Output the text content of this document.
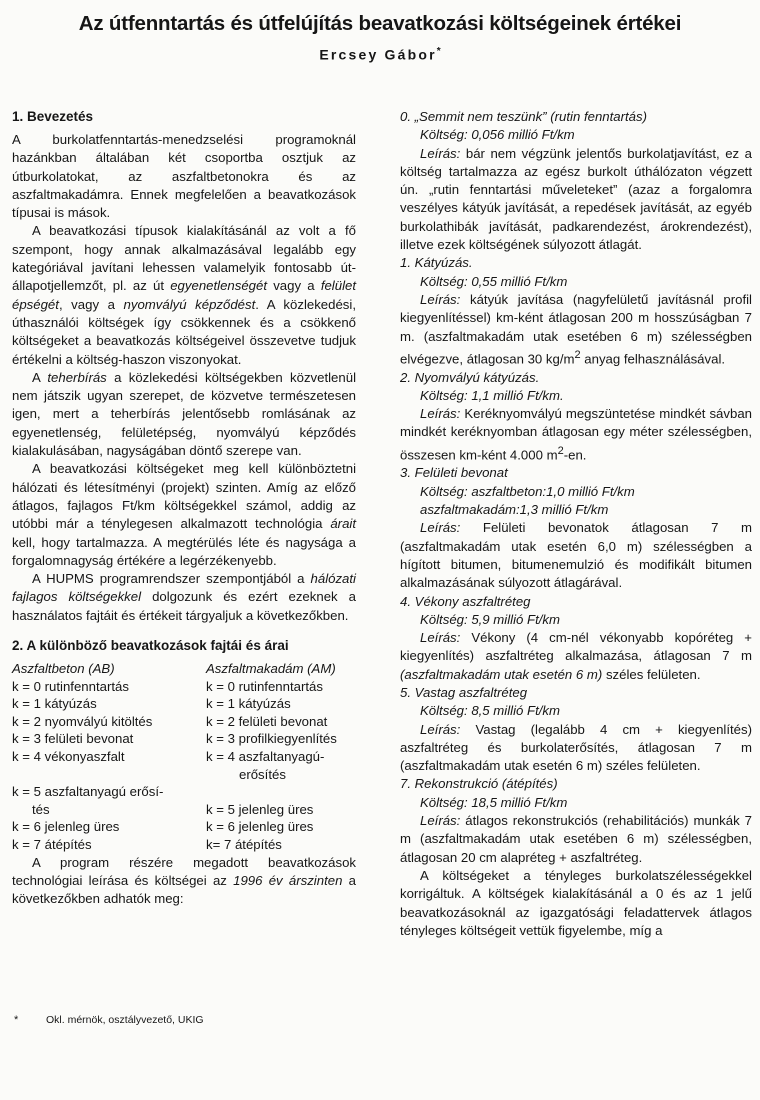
Az útfenntartás és útfelújítás beavatkozási költségeinek értékei
Ercsey Gábor*
1. Bevezetés

A burkolatfenntartás-menedzselési programoknál hazánkban általában két csoportba osztjuk az útburkolatokat, az aszfaltbetonokra és az aszfaltmakadámra. Ennek megfelelően a beavatkozások típusai is mások.

A beavatkozási típusok kialakításánál az volt a fő szempont, hogy annak alkalmazásával legalább egy kategóriával javítani lehessen valamelyik fontosabb út-állapotjellemzőt, pl. az út egyenetlenségét vagy a felület épségét, vagy a nyomvályú képződést. A közlekedési, úthasználói költségek így csökkennek és a csökkenő költségeket a beavatkozás költségeivel összevetve tudjuk értékelni a költség-haszon viszonyokat.

A teherbírás a közlekedési költségekben közvetlenül nem játszik ugyan szerepet, de közvetve természetesen igen, mert a teherbírás jelentősebb romlásának az egyenetlenség, felületépség, nyomvályú képződés kialakulásában, nagyságában döntő szerepe van.

A beavatkozási költségeket meg kell különböztetni hálózati és létesítményi (projekt) szinten. Amíg az előző átlagos, fajlagos Ft/km költségekkel számol, addig az utóbbi már a ténylegesen alkalmazott technológia árait kell, hogy tartalmazza. A megtérülés léte és nagysága a forgalomnagyság értékére a legérzékenyebb.

A HUPMS programrendszer szempontjából a hálózati fajlagos költségekkel dolgozunk és ezért ezeknek a használatos fajtáit és értékeit tárgyaljuk a következőkben.

2. A különböző beavatkozások fajtái és árai
Aszfaltbeton (AB)	Aszfaltmakadám (AM)
k = 0 rutinfenntartás	k = 0 rutinfenntartás
k = 1 kátyúzás	k = 1 kátyúzás
k = 2 nyomvályú kitöltés	k = 2 felületi bevonat
k = 3 felületi bevonat	k = 3 profilkiegyenlítés
k = 4 vékonyaszfalt	k = 4 aszfaltanyagú-
erősítés
k = 5 aszfaltanyagú erősí-
tés	k = 5 jelenleg üres
k = 6 jelenleg üres	k = 6 jelenleg üres
k = 7 átépítés	k= 7 átépítés

A program részére megadott beavatkozások technológiai leírása és költségei az 1996 év árszinten a következőkben adhatók meg:

0. „Semmit nem teszünk” (rutin fenntartás)

Költség: 0,056 millió Ft/km

Leírás: bár nem végzünk jelentős burkolatjavítást, ez a költség tartalmazza az egész burkolt úthálózaton végzett ún. „rutin fenntartási műveleteket” (azaz a forgalomra veszélyes kátyúk javítását, a repedések javítását, az egyéb burkolathibák javítását, padkarendezést, árokrendezést), illetve ezek költségének súlyozott átlagát.

1. Kátyúzás.

Költség: 0,55 millió Ft/km

Leírás: kátyúk javítása (nagyfelületű javításnál profil kiegyenlítéssel) km-ként átlagosan 200 m hosszúságban 7 m. (aszfaltmakadám utak esetében 6 m) szélességben elvégezve, átlagosan 30 $kg/m^2$ anyag felhasználásával.

2. Nyomvályú kátyúzás.

Költség: 1,1 millió Ft/km.

Leírás: Keréknyomvályú megszüntetése mindkét sávban mindkét keréknyomban átlagosan egy méter szélességben, összesen km-ként 4.000 $m^2-en$.

3. Felületi bevonat

Költség: aszfaltbeton:1,0 millió Ft/km

aszfaltmakadám:1,3 millió Ft/km

Leírás: Felületi bevonatok átlagosan 7 m (aszfaltmakadám utak esetén 6,0 m) szélességben a hígított bitumen, bitumenemulzió és modifikált bitumen alkalmazásának súlyozott átlagárával.

4. Vékony aszfaltréteg

Költség: 5,9 millió Ft/km

Leírás: Vékony (4 cm-nél vékonyabb kopóréteg + kiegyenlítés) aszfaltréteg alkalmazása, átlagosan 7 m (aszfaltmakadám utak esetén 6 m) széles felületen.

5. Vastag aszfaltréteg

Költség: 8,5 millió Ft/km

Leírás: Vastag (legalább 4 cm + kiegyenlítés) aszfaltréteg és burkolaterősítés, átlagosan 7 m (aszfaltmakadám utak esetén 6 m) széles felületen.

7. Rekonstrukció (átépítés)

Költség: 18,5 millió Ft/km

Leírás: átlagos rekonstrukciós (rehabilitációs) munkák 7 m (aszfaltmakadám utak esetében 6 m) szélességben, átlagosan 20 cm alapréteg + aszfaltréteg.

A költségeket a tényleges burkolatszélességekkel korrigáltuk. A költségek kialakításánál a 0 és az 1 jelű beavatkozásoknál az igazgatósági feladattervek átlagos tényleges költségeit vettük figyelembe, míg a

*	Okl. mérnök, osztályvezető, UKIG
